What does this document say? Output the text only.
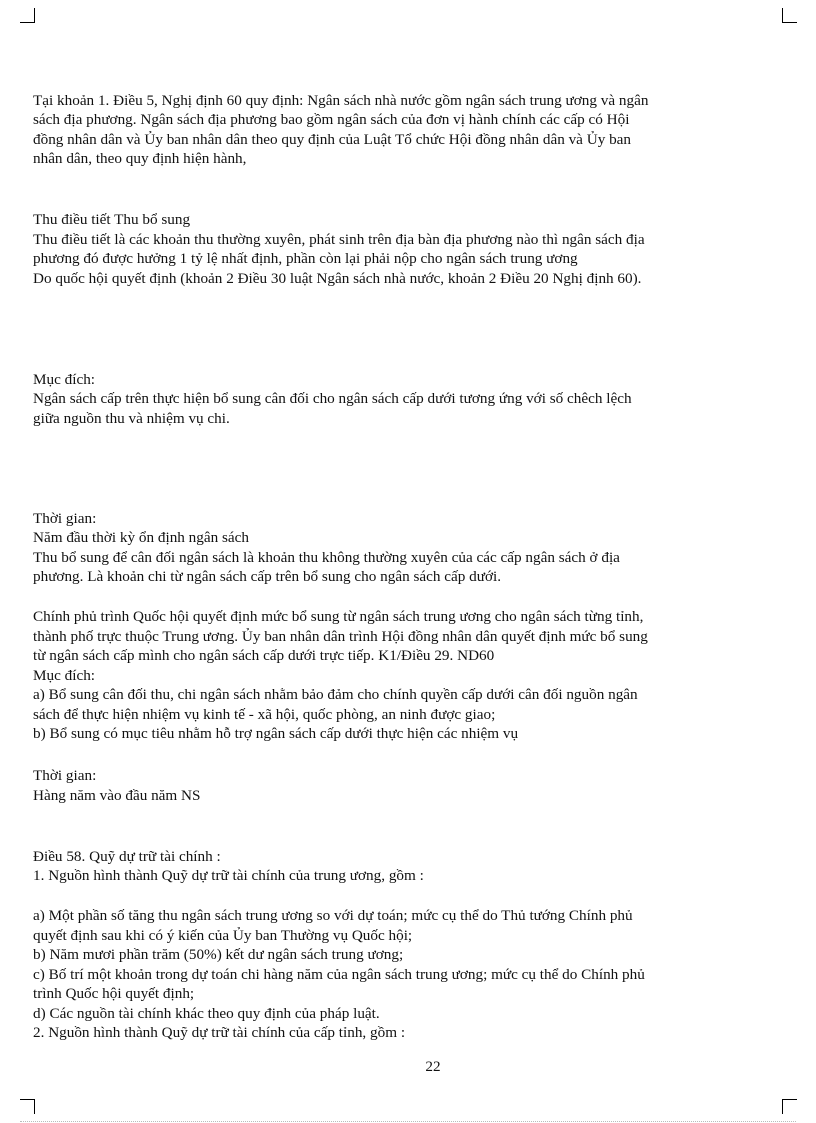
Tại khoản 1. Điều 5, Nghị định 60 quy định: Ngân sách nhà nước gồm ngân sách trung ương và ngân
sách địa phương. Ngân sách địa phương bao gồm ngân sách của đơn vị hành chính các cấp có Hội
đồng nhân dân và Ủy ban nhân dân theo quy định của Luật Tổ chức Hội đồng nhân dân và Ủy ban
nhân dân, theo quy định hiện hành,
Thu điều tiết Thu bổ sung
Thu điều tiết là các khoản thu thường xuyên, phát sinh trên địa bàn địa phương nào thì ngân sách địa
phương đó được hưởng 1 tỷ lệ nhất định, phần còn lại phải nộp cho ngân sách trung ương
Do quốc hội quyết định (khoản 2 Điều 30 luật Ngân sách nhà nước, khoản 2 Điều 20 Nghị định 60).
Mục đích:
Ngân sách cấp trên thực hiện bổ sung cân đối cho ngân sách cấp dưới tương ứng với số chêch lệch
giữa nguồn thu và nhiệm vụ chi.
Thời gian:
Năm đầu thời kỳ ổn định ngân sách
Thu bổ sung để cân đối ngân sách là khoản thu không thường xuyên của các cấp ngân sách ở địa
phương. Là khoản chi từ ngân sách cấp trên bổ sung cho ngân sách cấp dưới.
Chính phủ trình Quốc hội quyết định mức bổ sung từ ngân sách trung ương cho ngân sách từng tỉnh,
thành phố trực thuộc Trung ương. Ủy ban nhân dân trình Hội đồng nhân dân quyết định mức bổ sung
từ ngân sách cấp mình cho ngân sách cấp dưới trực tiếp. K1/Điều 29. ND60
Mục đích:
a) Bổ sung cân đối thu, chi ngân sách nhằm bảo đảm cho chính quyền cấp dưới cân đối nguồn ngân
sách để thực hiện nhiệm vụ kinh tế - xã hội, quốc phòng, an ninh được giao;
b) Bổ sung có mục tiêu nhằm hỗ trợ ngân sách cấp dưới thực hiện các nhiệm vụ
Thời gian:
Hàng năm vào đầu năm NS
Điều 58. Quỹ dự trữ tài chính :
1. Nguồn hình thành Quỹ dự trữ tài chính của trung ương, gồm :
a) Một phần số tăng thu ngân sách trung ương so với dự toán; mức cụ thể do Thủ tướng Chính phủ
quyết định sau khi có ý kiến của Ủy ban Thường vụ Quốc hội;
b) Năm mươi phần trăm (50%) kết dư ngân sách trung ương;
c) Bố trí một khoản trong dự toán chi hàng năm của ngân sách trung ương; mức cụ thể do Chính phủ
trình Quốc hội quyết định;
d) Các nguồn tài chính khác theo quy định của pháp luật.
2. Nguồn hình thành Quỹ dự trữ tài chính của cấp tỉnh, gồm :
22
